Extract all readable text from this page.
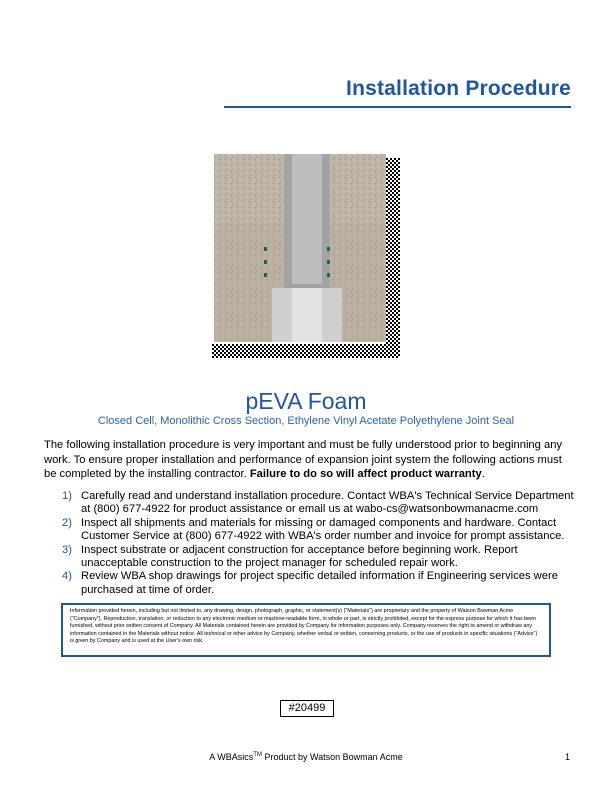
Installation Procedure
pEVA Foam

Closed Cell, Monolithic Cross Section, Ethylene Vinyl Acetate Polyethylene Joint Seal

The following installation procedure is very important and must be fully understood prior to beginning any work. To ensure proper installation and performance of expansion joint system the following actions must be completed by the installing contractor. Failure to do so will affect product warranty.

1) Carefully read and understand installation procedure. Contact WBA's Technical Service Department at (800) 677-4922 for product assistance or email us at wabo-cs@watsonbowmanacme.com
2) Inspect all shipments and materials for missing or damaged components and hardware. Contact Customer Service at (800) 677-4922 with WBA's order number and invoice for prompt assistance.
3) Inspect substrate or adjacent construction for acceptance before beginning work. Report unacceptable construction to the project manager for scheduled repair work.
4) Review WBA shop drawings for project specific detailed information if Engineering services were purchased at time of order.
Information provided herein, including but not limited to, any drawing, design, photograph, graphic, or statement(s) ("Materials") are proprietary and the property of Watson Bowman Acme ("Company"). Reproduction, translation, or reduction to any electronic medium or machine-readable form, in whole or part, is strictly prohibited, except for the express purpose for which it has been furnished, without prior written consent of Company. All Materials contained herein are provided by Company for information purposes only. Company reserves the right to amend or withdraw any information contained in the Materials without notice. All technical or other advice by Company, whether verbal or written, concerning products, or the use of products in specific situations ("Advice") is given by Company and is used at the User's own risk.
#20499
A WBAsics™ Product by Watson Bowman Acme	1
